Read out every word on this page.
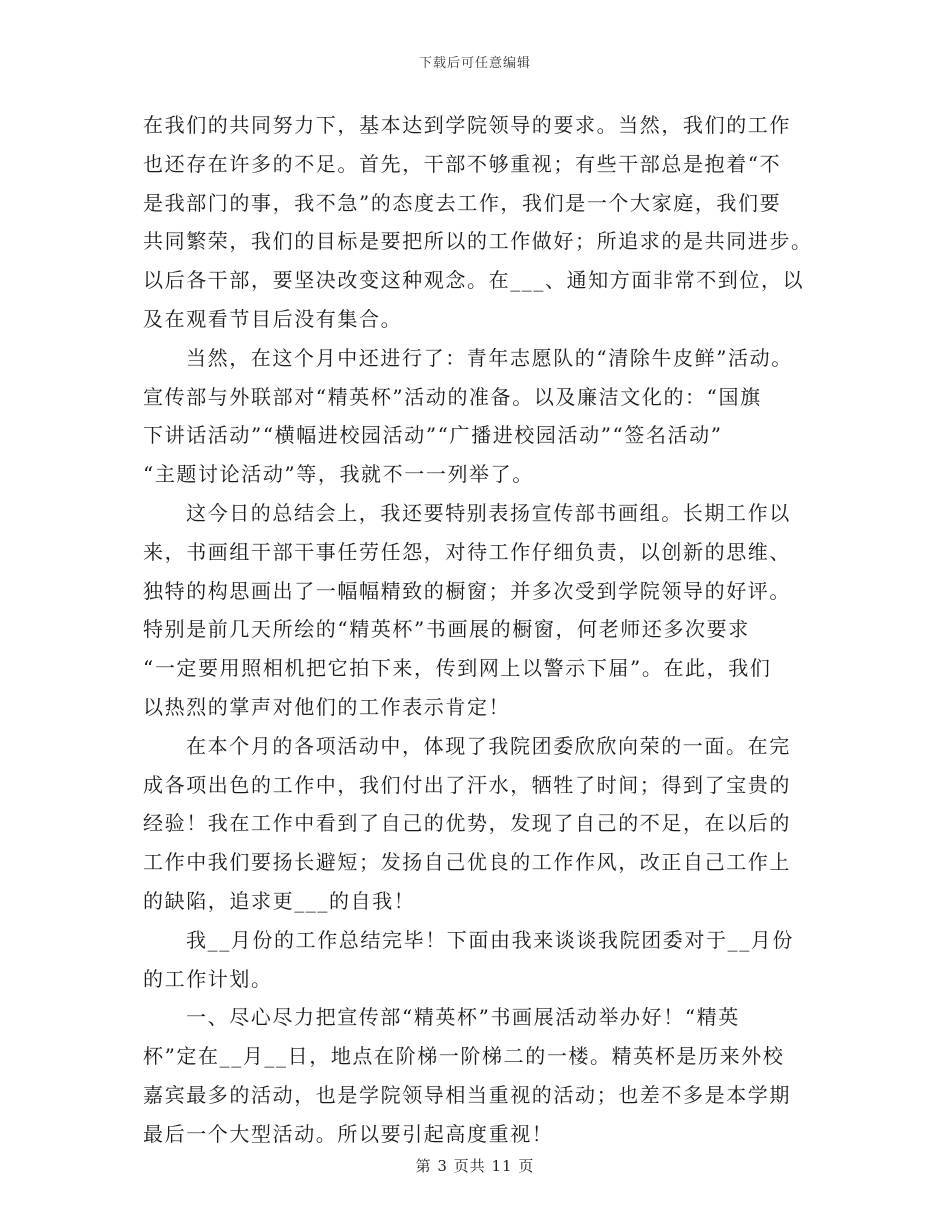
下载后可任意编辑

在我们的共同努力下，基本达到学院领导的要求。当然，我们的工作
也还存在许多的不足。首先，干部不够重视；有些干部总是抱着“不
是我部门的事，我不急”的态度去工作，我们是一个大家庭，我们要
共同繁荣，我们的目标是要把所以的工作做好；所追求的是共同进步。
以后各干部，要坚决改变这种观念。在___、通知方面非常不到位，以
及在观看节目后没有集合。

当然，在这个月中还进行了：青年志愿队的“清除牛皮鲜”活动。
宣传部与外联部对“精英杯”活动的准备。以及廉洁文化的：“国旗
下讲话活动”“横幅进校园活动”“广播进校园活动”“签名活动”
“主题讨论活动”等，我就不一一列举了。

这今日的总结会上，我还要特别表扬宣传部书画组。长期工作以
来，书画组干部干事任劳任怨，对待工作仔细负责，以创新的思维、
独特的构思画出了一幅幅精致的橱窗；并多次受到学院领导的好评。
特别是前几天所绘的“精英杯”书画展的橱窗，何老师还多次要求
“一定要用照相机把它拍下来，传到网上以警示下届”。在此，我们
以热烈的掌声对他们的工作表示肯定！

在本个月的各项活动中，体现了我院团委欣欣向荣的一面。在完
成各项出色的工作中，我们付出了汗水，牺牲了时间；得到了宝贵的
经验！我在工作中看到了自己的优势，发现了自己的不足，在以后的
工作中我们要扬长避短；发扬自己优良的工作作风，改正自己工作上
的缺陷，追求更___的自我！

我__月份的工作总结完毕！下面由我来谈谈我院团委对于__月份
的工作计划。

一、尽心尽力把宣传部“精英杯”书画展活动举办好！“精英
杯”定在__月__日，地点在阶梯一阶梯二的一楼。精英杯是历来外校
嘉宾最多的活动，也是学院领导相当重视的活动；也差不多是本学期
最后一个大型活动。所以要引起高度重视！

第 3 页共 11 页
